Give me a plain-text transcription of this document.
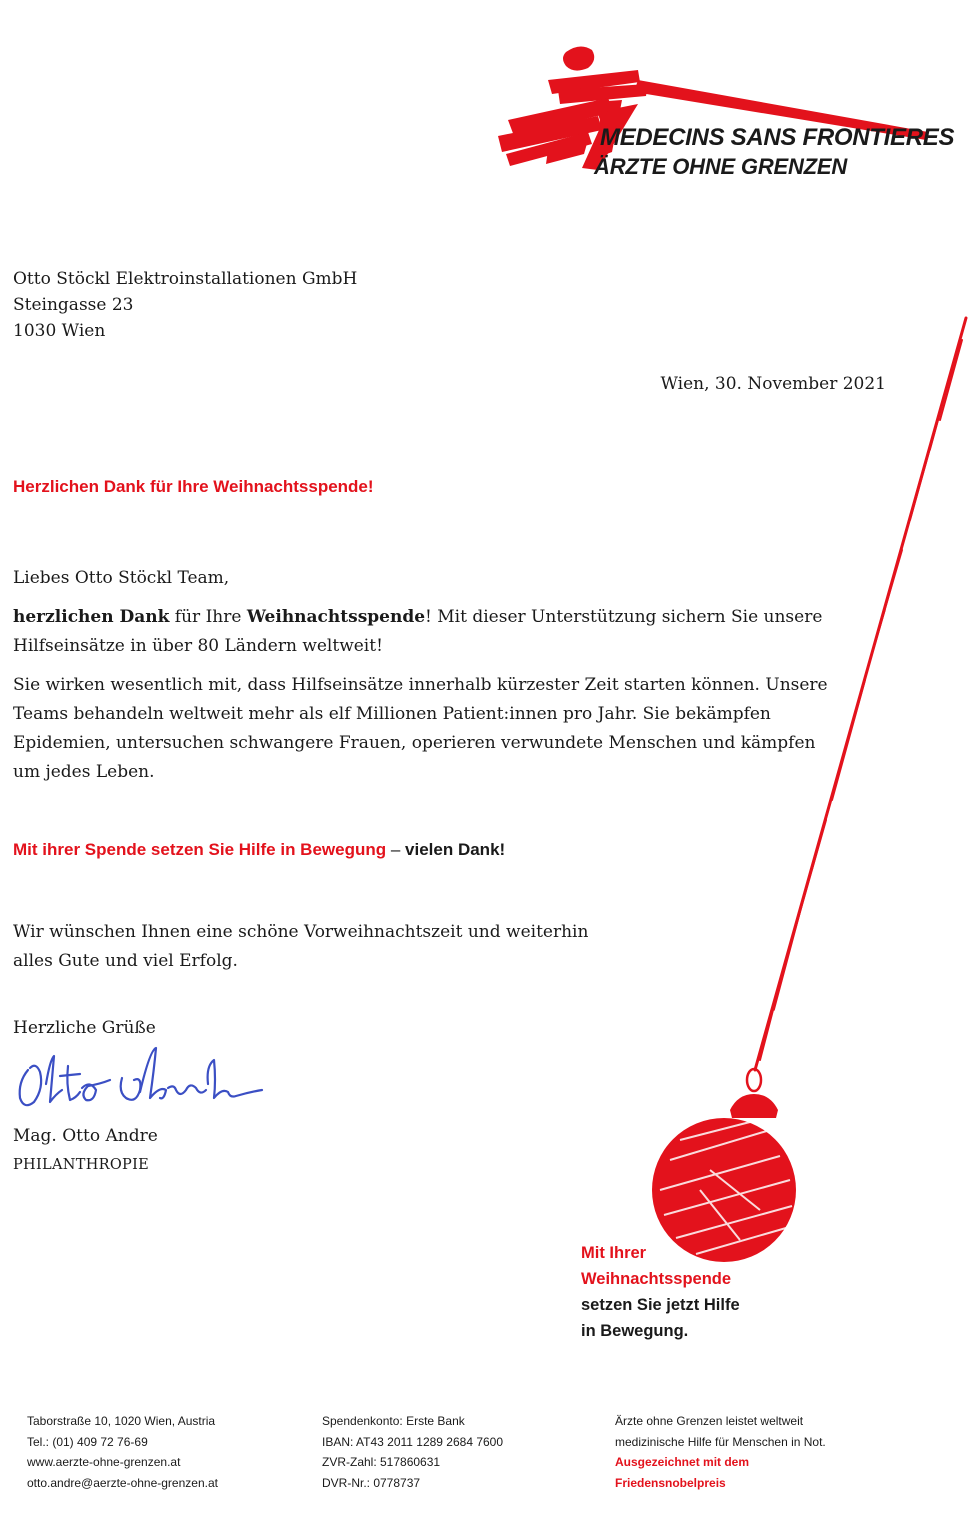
MEDECINS SANS FRONTIERES
ÄRZTE OHNE GRENZEN
Otto Stöckl Elektroinstallationen GmbH
Steingasse 23
1030 Wien
Wien, 30. November 2021
Herzlichen Dank für Ihre Weihnachtsspende!

Liebes Otto Stöckl Team,

herzlichen Dank für Ihre Weihnachtsspende! Mit dieser Unterstützung sichern Sie unsere Hilfseinsätze in über 80 Ländern weltweit!

Sie wirken wesentlich mit, dass Hilfseinsätze innerhalb kürzester Zeit starten können. Unsere Teams behandeln weltweit mehr als elf Millionen Patient:innen pro Jahr. Sie bekämpfen Epidemien, untersuchen schwangere Frauen, operieren verwundete Menschen und kämpfen um jedes Leben.

Mit ihrer Spende setzen Sie Hilfe in Bewegung – vielen Dank!
Wir wünschen Ihnen eine schöne Vorweihnachtszeit und weiterhin alles Gute und viel Erfolg.
Herzliche Grüße
Mag. Otto Andre
PHILANTHROPIE
Mit Ihrer
Weihnachtsspende
setzen Sie jetzt Hilfe
in Bewegung.
Taborstraße 10, 1020 Wien, Austria
Tel.: (01) 409 72 76-69
www.aerzte-ohne-grenzen.at
otto.andre@aerzte-ohne-grenzen.at
Spendenkonto: Erste Bank
IBAN: AT43 2011 1289 2684 7600
ZVR-Zahl: 517860631
DVR-Nr.: 0778737
Ärzte ohne Grenzen leistet weltweit
medizinische Hilfe für Menschen in Not.
Ausgezeichnet mit dem
Friedensnobelpreis
